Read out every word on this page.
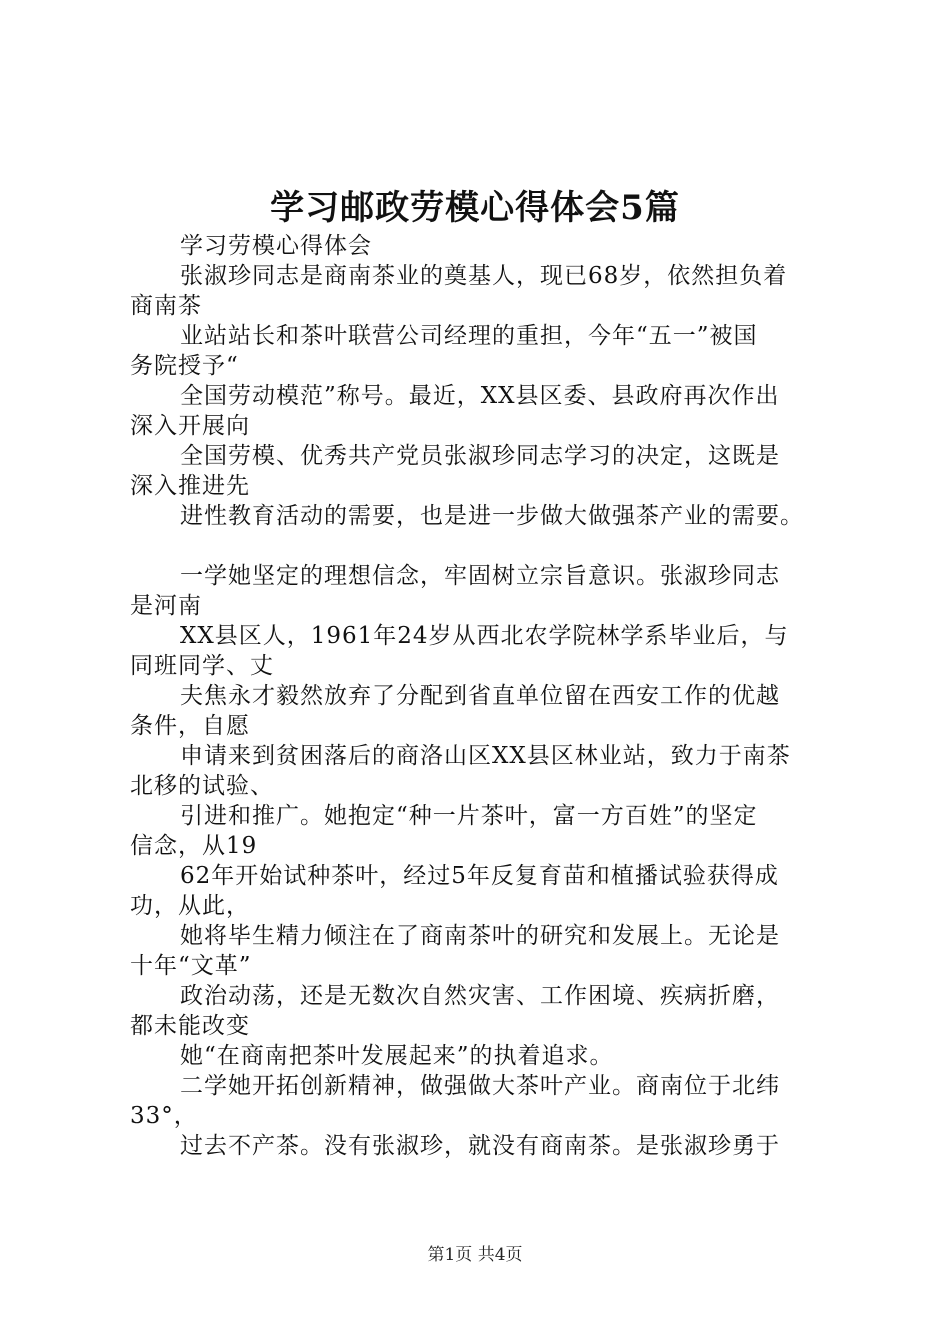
学习邮政劳模心得体会5篇
学习劳模心得体会
张淑珍同志是商南茶业的奠基人，现已68岁，依然担负着
商南茶
业站站长和茶叶联营公司经理的重担，今年“五一”被国
务院授予“
全国劳动模范”称号。最近，XX县区委、县政府再次作出
深入开展向
全国劳模、优秀共产党员张淑珍同志学习的决定，这既是
深入推进先
进性教育活动的需要，也是进一步做大做强茶产业的需要。
一学她坚定的理想信念，牢固树立宗旨意识。张淑珍同志
是河南
XX县区人，1961年24岁从西北农学院林学系毕业后，与
同班同学、丈
夫焦永才毅然放弃了分配到省直单位留在西安工作的优越
条件，自愿
申请来到贫困落后的商洛山区XX县区林业站，致力于南茶
北移的试验、
引进和推广。她抱定“种一片茶叶，富一方百姓”的坚定
信念，从19
62年开始试种茶叶，经过5年反复育苗和植播试验获得成
功，从此，
她将毕生精力倾注在了商南茶叶的研究和发展上。无论是
十年“文革”
政治动荡，还是无数次自然灾害、工作困境、疾病折磨，
都未能改变
她“在商南把茶叶发展起来”的执着追求。
二学她开拓创新精神，做强做大茶叶产业。商南位于北纬
33°，
过去不产茶。没有张淑珍，就没有商南茶。是张淑珍勇于
第1页 共4页
